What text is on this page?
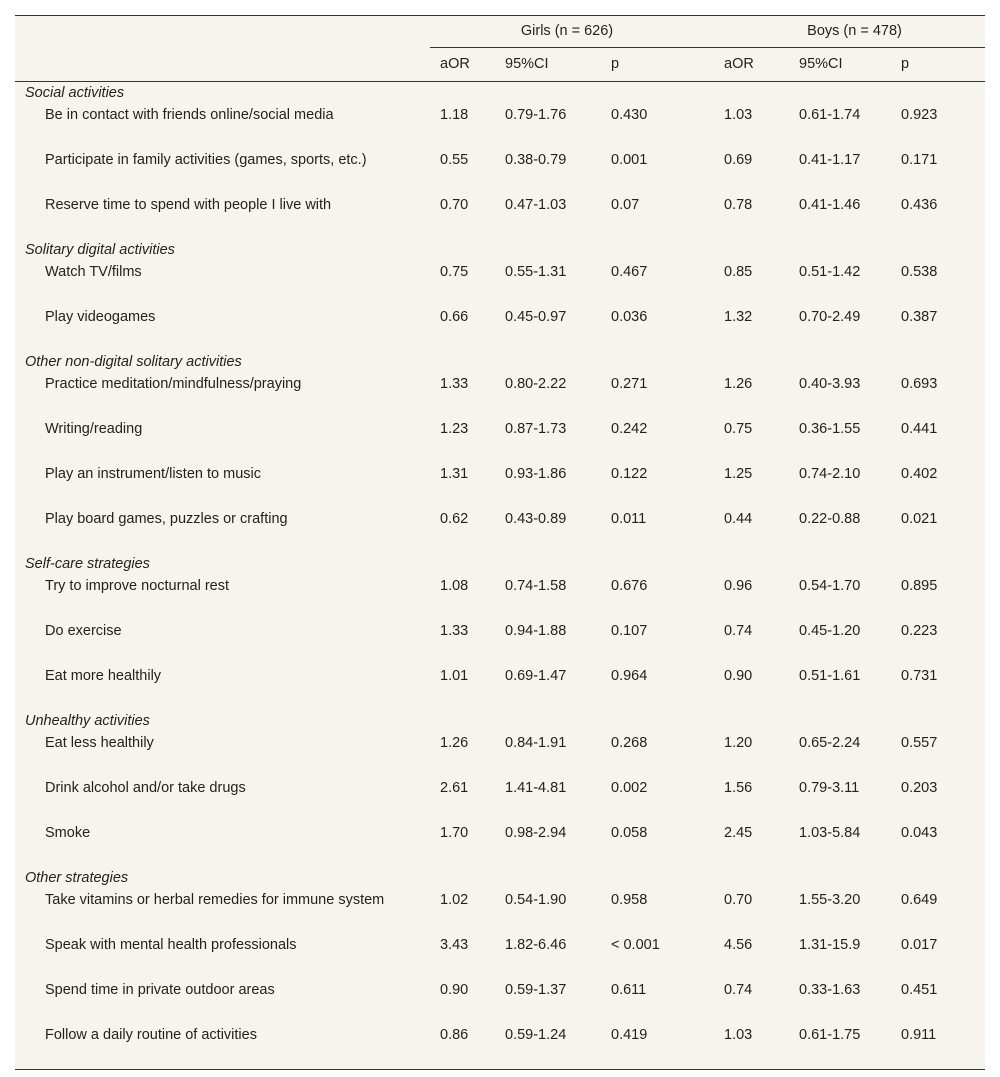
	Girls (n = 626)			Boys (n = 478)		
	aOR	95%CI	p	aOR	95%CI	p
Social activities						
Be in contact with friends online/social media	1.18	0.79-1.76	0.430	1.03	0.61-1.74	0.923
Participate in family activities (games, sports, etc.)	0.55	0.38-0.79	0.001	0.69	0.41-1.17	0.171
Reserve time to spend with people I live with	0.70	0.47-1.03	0.07	0.78	0.41-1.46	0.436
Solitary digital activities						
Watch TV/films	0.75	0.55-1.31	0.467	0.85	0.51-1.42	0.538
Play videogames	0.66	0.45-0.97	0.036	1.32	0.70-2.49	0.387
Other non-digital solitary activities						
Practice meditation/mindfulness/praying	1.33	0.80-2.22	0.271	1.26	0.40-3.93	0.693
Writing/reading	1.23	0.87-1.73	0.242	0.75	0.36-1.55	0.441
Play an instrument/listen to music	1.31	0.93-1.86	0.122	1.25	0.74-2.10	0.402
Play board games, puzzles or crafting	0.62	0.43-0.89	0.011	0.44	0.22-0.88	0.021
Self-care strategies						
Try to improve nocturnal rest	1.08	0.74-1.58	0.676	0.96	0.54-1.70	0.895
Do exercise	1.33	0.94-1.88	0.107	0.74	0.45-1.20	0.223
Eat more healthily	1.01	0.69-1.47	0.964	0.90	0.51-1.61	0.731
Unhealthy activities						
Eat less healthily	1.26	0.84-1.91	0.268	1.20	0.65-2.24	0.557
Drink alcohol and/or take drugs	2.61	1.41-4.81	0.002	1.56	0.79-3.11	0.203
Smoke	1.70	0.98-2.94	0.058	2.45	1.03-5.84	0.043
Other strategies						
Take vitamins or herbal remedies for immune system	1.02	0.54-1.90	0.958	0.70	1.55-3.20	0.649
Speak with mental health professionals	3.43	1.82-6.46	< 0.001	4.56	1.31-15.9	0.017
Spend time in private outdoor areas	0.90	0.59-1.37	0.611	0.74	0.33-1.63	0.451
Follow a daily routine of activities	0.86	0.59-1.24	0.419	1.03	0.61-1.75	0.911
